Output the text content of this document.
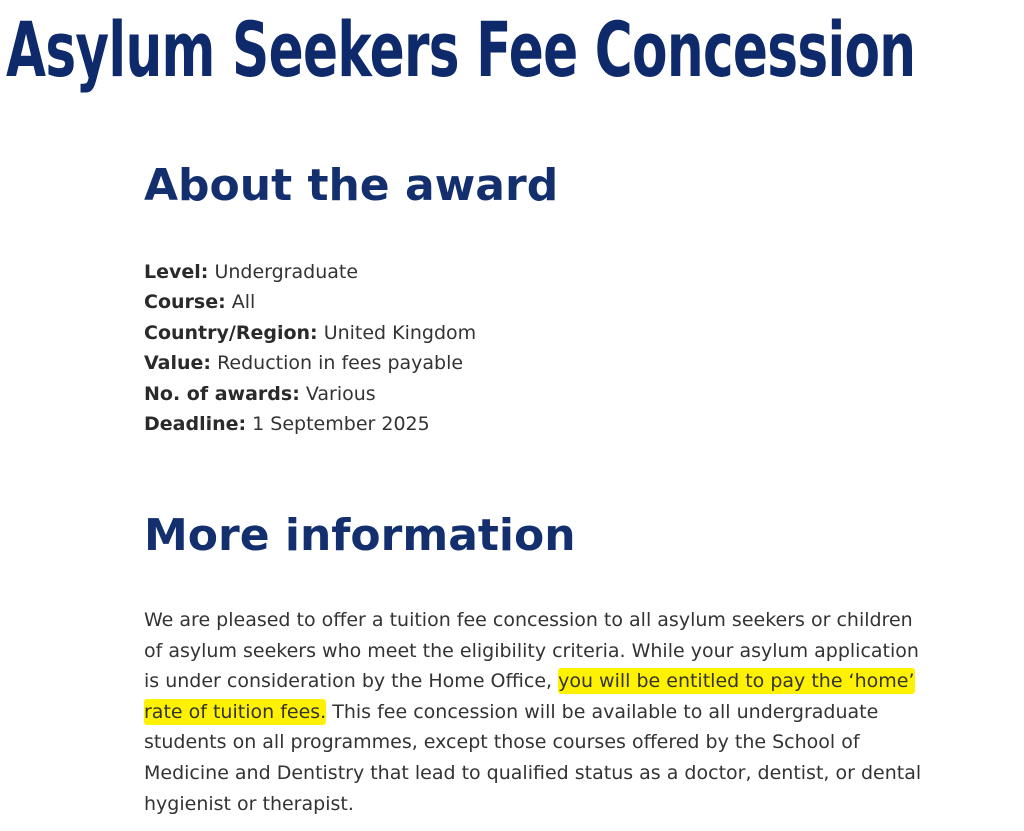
Asylum Seekers Fee Concession
About the award
Level: Undergraduate
Course: All
Country/Region: United Kingdom
Value: Reduction in fees payable
No. of awards: Various
Deadline: 1 September 2025
More information

We are pleased to offer a tuition fee concession to all asylum seekers or children of asylum seekers who meet the eligibility criteria. While your asylum application is under consideration by the Home Office, you will be entitled to pay the ‘home’ rate of tuition fees. This fee concession will be available to all undergraduate students on all programmes, except those courses offered by the School of Medicine and Dentistry that lead to qualified status as a doctor, dentist, or dental hygienist or therapist.
